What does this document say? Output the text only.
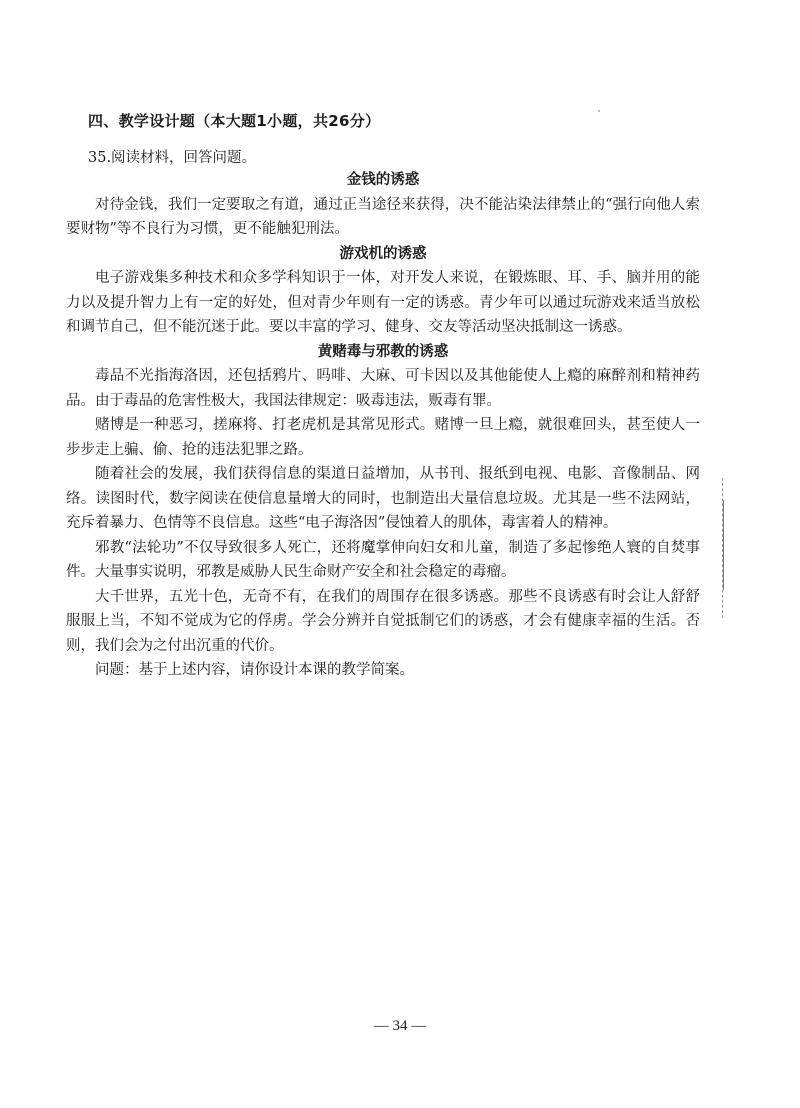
四、教学设计题（本大题1小题，共26分）
35.阅读材料，回答问题。

金钱的诱惑

对待金钱，我们一定要取之有道，通过正当途径来获得，决不能沾染法律禁止的“强行向他人索要财物”等不良行为习惯，更不能触犯刑法。

游戏机的诱惑

电子游戏集多种技术和众多学科知识于一体，对开发人来说，在锻炼眼、耳、手、脑并用的能力以及提升智力上有一定的好处，但对青少年则有一定的诱惑。青少年可以通过玩游戏来适当放松和调节自己，但不能沉迷于此。要以丰富的学习、健身、交友等活动坚决抵制这一诱惑。

黄赌毒与邪教的诱惑

毒品不光指海洛因，还包括鸦片、吗啡、大麻、可卡因以及其他能使人上瘾的麻醉剂和精神药品。由于毒品的危害性极大，我国法律规定：吸毒违法，贩毒有罪。

赌博是一种恶习，搓麻将、打老虎机是其常见形式。赌博一旦上瘾，就很难回头，甚至使人一步步走上骗、偷、抢的违法犯罪之路。

随着社会的发展，我们获得信息的渠道日益增加，从书刊、报纸到电视、电影、音像制品、网络。读图时代，数字阅读在使信息量增大的同时，也制造出大量信息垃圾。尤其是一些不法网站，充斥着暴力、色情等不良信息。这些“电子海洛因”侵蚀着人的肌体，毒害着人的精神。

邪教“法轮功”不仅导致很多人死亡，还将魔掌伸向妇女和儿童，制造了多起惨绝人寰的自焚事件。大量事实说明，邪教是威胁人民生命财产安全和社会稳定的毒瘤。

大千世界，五光十色，无奇不有，在我们的周围存在很多诱惑。那些不良诱惑有时会让人舒舒服服上当，不知不觉成为它的俘虏。学会分辨并自觉抵制它们的诱惑，才会有健康幸福的生活。否则，我们会为之付出沉重的代价。

问题：基于上述内容，请你设计本课的教学简案。

— 34 —
